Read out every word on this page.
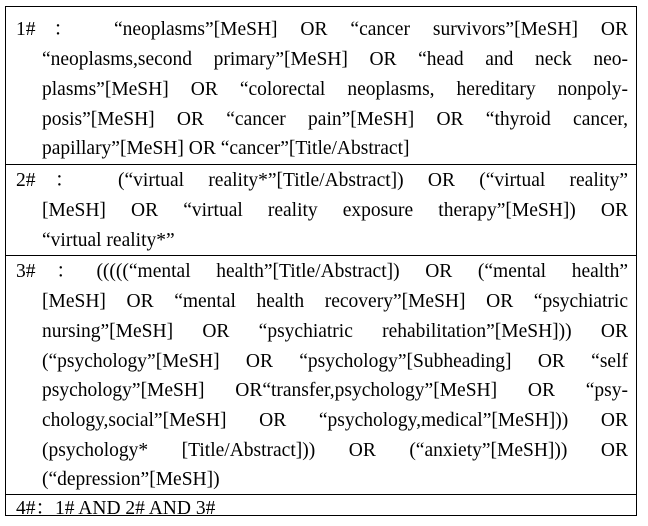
1#： “neoplasms”[MeSH] OR “cancer survivors”[MeSH] OR
“neoplasms,second primary”[MeSH] OR “head and neck neo-
plasms”[MeSH] OR “colorectal neoplasms, hereditary nonpoly-
posis”[MeSH] OR “cancer pain”[MeSH] OR “thyroid cancer,
papillary”[MeSH] OR “cancer”[Title/Abstract]
2#： (“virtual reality*”[Title/Abstract]) OR (“virtual reality”
[MeSH] OR “virtual reality exposure therapy”[MeSH]) OR
“virtual reality*”
3#：(((((“mental health”[Title/Abstract]) OR (“mental health”
[MeSH] OR “mental health recovery”[MeSH] OR “psychiatric
nursing”[MeSH] OR “psychiatric rehabilitation”[MeSH])) OR
(“psychology”[MeSH] OR “psychology”[Subheading] OR “self
psychology”[MeSH] OR“transfer,psychology”[MeSH] OR “psy-
chology,social”[MeSH] OR “psychology,medical”[MeSH])) OR
(psychology* [Title/Abstract])) OR (“anxiety”[MeSH])) OR
(“depression”[MeSH])
4#：1# AND 2# AND 3#
